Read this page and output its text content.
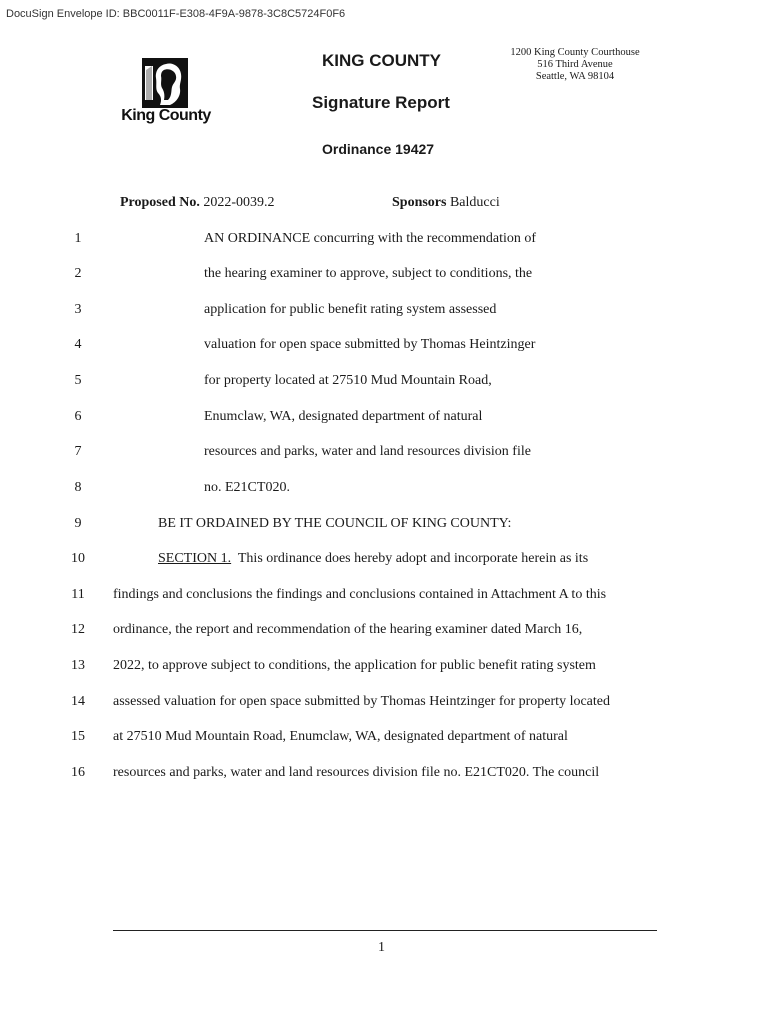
DocuSign Envelope ID: BBC0011F-E308-4F9A-9878-3C8C5724F0F6
King County
KING COUNTY	1200 King County Courthouse
516 Third Avenue
Seattle, WA 98104
Signature Report
Ordinance 19427
Proposed No. 2022-0039.2	Sponsors Balducci
1	AN ORDINANCE concurring with the recommendation of
2	the hearing examiner to approve, subject to conditions, the
3	application for public benefit rating system assessed
4	valuation for open space submitted by Thomas Heintzinger
5	for property located at 27510 Mud Mountain Road,
6	Enumclaw, WA, designated department of natural
7	resources and parks, water and land resources division file
8	no. E21CT020.
9	BE IT ORDAINED BY THE COUNCIL OF KING COUNTY:
10	SECTION 1.  This ordinance does hereby adopt and incorporate herein as its
11	findings and conclusions the findings and conclusions contained in Attachment A to this
12	ordinance, the report and recommendation of the hearing examiner dated March 16,
13	2022, to approve subject to conditions, the application for public benefit rating system
14	assessed valuation for open space submitted by Thomas Heintzinger for property located
15	at 27510 Mud Mountain Road, Enumclaw, WA, designated department of natural
16	resources and parks, water and land resources division file no. E21CT020. The council
1
